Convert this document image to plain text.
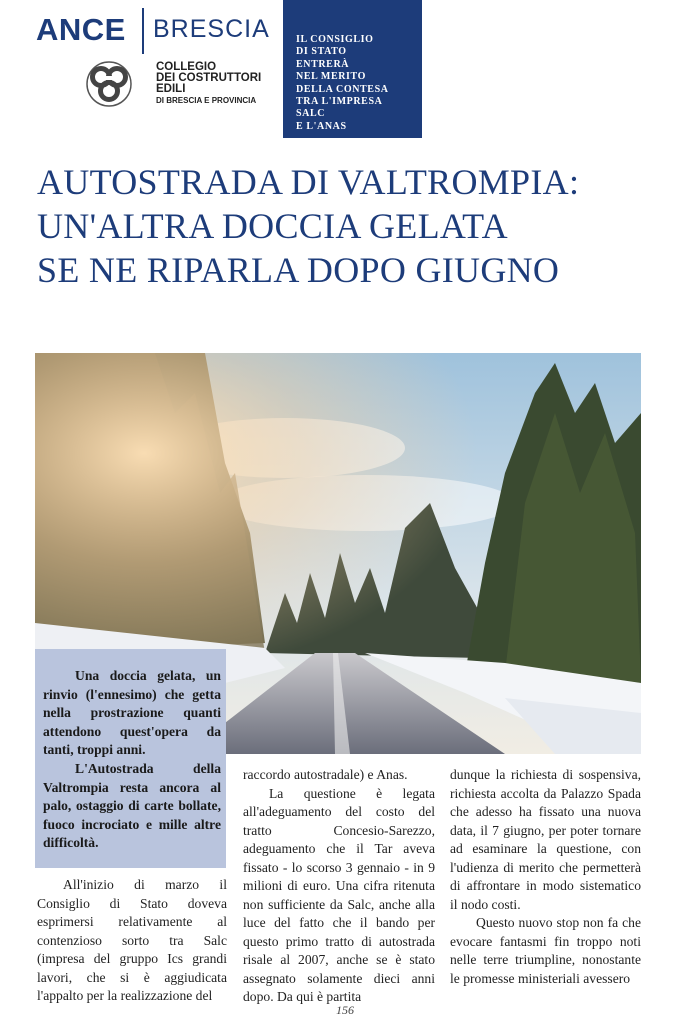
ANCE BRESCIA
COLLEGIO
DEI COSTRUTTORI
EDILI
DI BRESCIA E PROVINCIA
IL CONSIGLIO
DI STATO
ENTRERÀ
NEL MERITO
DELLA CONTESA
TRA L'IMPRESA
SALC
E L'ANAS
AUTOSTRADA DI VALTROMPIA:
UN'ALTRA DOCCIA GELATA
SE NE RIPARLA DOPO GIUGNO

Una doccia gelata, un rinvio (l'ennesimo) che getta nella prostrazione quanti attendono quest'opera da tanti, troppi anni.

L'Autostrada della Valtrompia resta ancora al palo, ostaggio di carte bollate, fuoco incrociato e mille altre difficoltà.

All'inizio di marzo il Consiglio di Stato doveva esprimersi relativamente al contenzioso sorto tra Salc (impresa del gruppo Ics grandi lavori, che si è aggiudicata l'appalto per la realizzazione del

raccordo autostradale) e Anas.

La questione è legata all'adeguamento del costo del tratto Concesio-Sarezzo, adeguamento che il Tar aveva fissato - lo scorso 3 gennaio - in 9 milioni di euro. Una cifra ritenuta non sufficiente da Salc, anche alla luce del fatto che il bando per questo primo tratto di autostrada risale al 2007, anche se è stato assegnato solamente dieci anni dopo. Da qui è partita

dunque la richiesta di sospensiva, richiesta accolta da Palazzo Spada che adesso ha fissato una nuova data, il 7 giugno, per poter tornare ad esaminare la questione, con l'udienza di merito che permetterà di affrontare in modo sistematico il nodo costi.

Questo nuovo stop non fa che evocare fantasmi fin troppo noti nelle terre triumpline, nonostante le promesse ministeriali avessero

156
